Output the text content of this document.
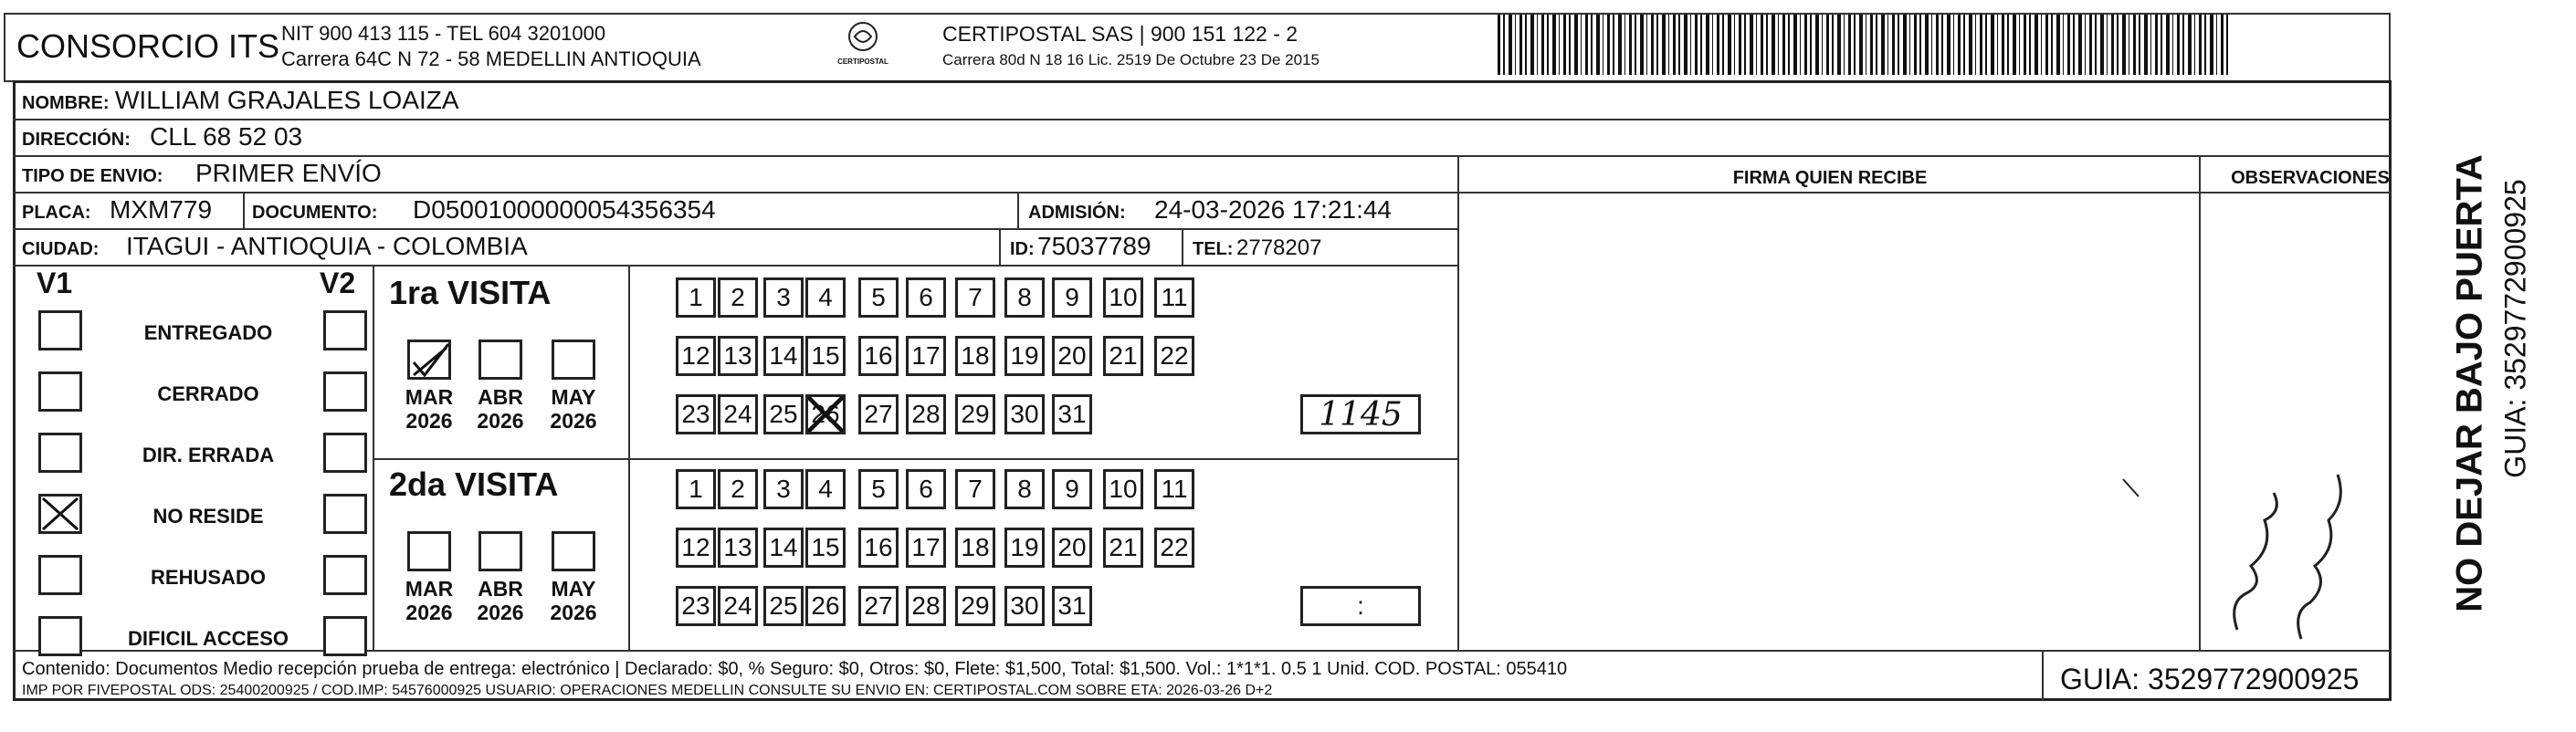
CONSORCIO ITS NIT 900 413 115 - TEL 604 3201000
Carrera 64C N 72 - 58 MEDELLIN ANTIOQUIA	CERTIPOSTAL
CERTIPOSTAL SAS | 900 151 122 - 2
Carrera 80d N 18 16 Lic. 2519 De Octubre 23 De 2015
NOMBRE: WILLIAM GRAJALES LOAIZA
DIRECCIÓN: CLL 68 52 03
TIPO DE ENVIO: PRIMER ENVÍO	FIRMA QUIEN RECIBE	OBSERVACIONES
PLACA: MXM779 DOCUMENTO: D05001000000054356354	ADMISIÓN: 24-03-2026 17:21:44
CIUDAD: ITAGUI - ANTIOQUIA - COLOMBIA	ID: 75037789 TEL: 2778207
V1	V2
ENTREGADO
CERRADO
DIR. ERRADA
NO RESIDE
REHUSADO
DIFICIL ACCESO
1ra VISITA
2da VISITA
MAR
2026
ABR
2026
MAY
2026
1	2	3	4	5	6	7	8	9	10 11
12 13 14 15 16 17 18 19 20 21 22
23 24 25 26 27 28 29 30 31	1145
MAR
2026
ABR
2026
MAY
2026
1	2	3	4	5	6	7	8	9	10 11
12 13 14 15 16 17 18 19 20 21 22
23 24 25 26 27 28 29 30 31	:	NO DEJAR BAJO PUERTA GUIA: 3529772900925
Contenido: Documentos Medio recepción prueba de entrega: electrónico | Declarado: $0, % Seguro: $0, Otros: $0, Flete: $1,500, Total: $1,500. Vol.: 1*1*1. 0.5 1 Unid. COD. POSTAL: 055410
IMP POR FIVEPOSTAL ODS: 25400200925 / COD.IMP: 54576000925 USUARIO: OPERACIONES MEDELLIN CONSULTE SU ENVIO EN: CERTIPOSTAL.COM SOBRE ETA: 2026-03-26 D+2	GUIA: 3529772900925
